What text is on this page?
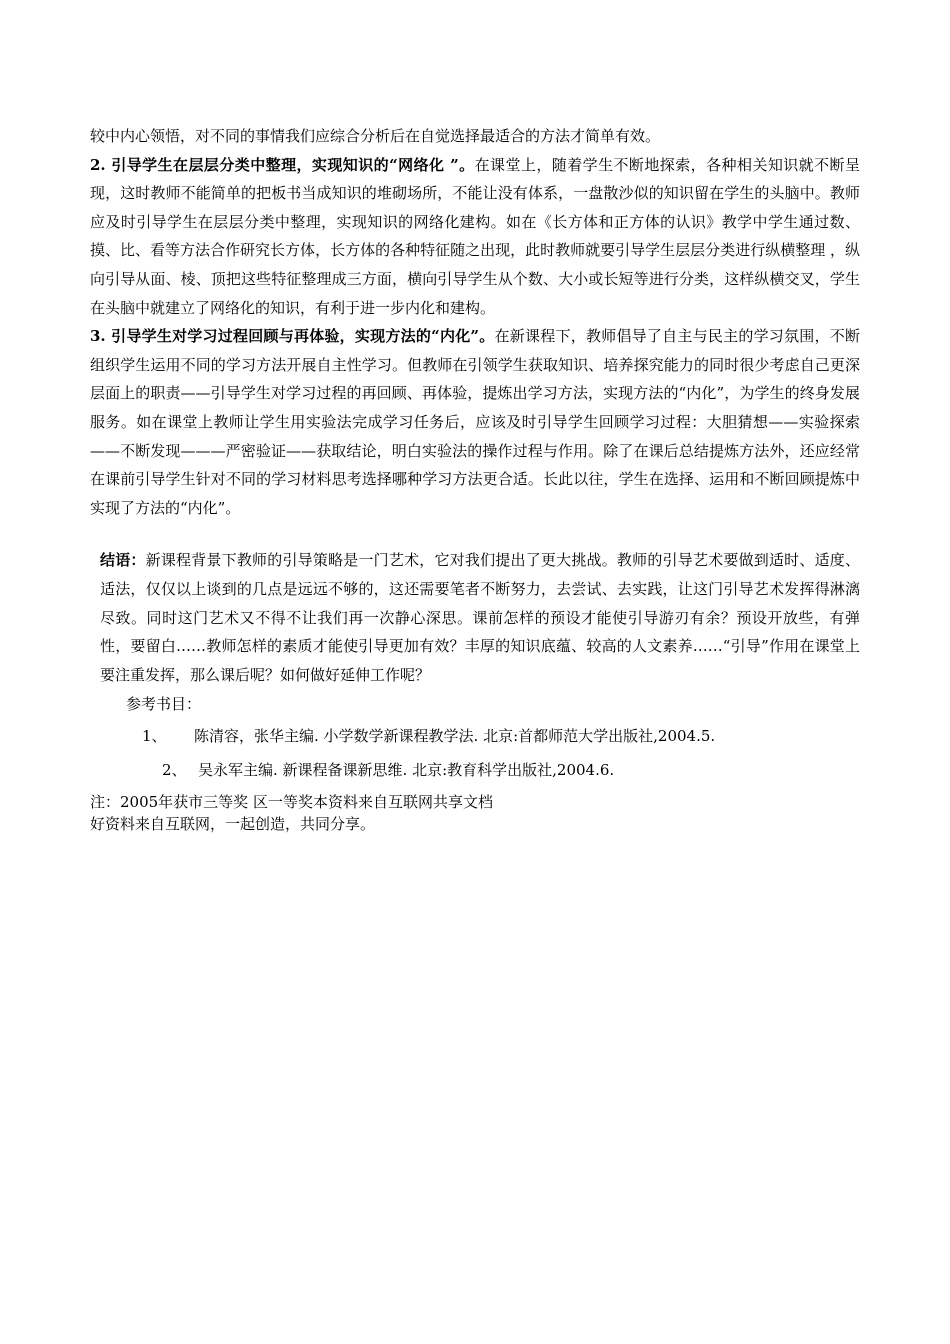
较中内心领悟，对不同的事情我们应综合分析后在自觉选择最适合的方法才简单有效。

2. 引导学生在层层分类中整理，实现知识的“网络化 ”。在课堂上，随着学生不断地探索，各种相关知识就不断呈现，这时教师不能简单的把板书当成知识的堆砌场所，不能让没有体系，一盘散沙似的知识留在学生的头脑中。教师应及时引导学生在层层分类中整理，实现知识的网络化建构。如在《长方体和正方体的认识》教学中学生通过数、摸、比、看等方法合作研究长方体，长方体的各种特征随之出现，此时教师就要引导学生层层分类进行纵横整理 ，纵向引导从面、棱、顶把这些特征整理成三方面，横向引导学生从个数、大小或长短等进行分类，这样纵横交叉，学生在头脑中就建立了网络化的知识，有利于进一步内化和建构。

3. 引导学生对学习过程回顾与再体验，实现方法的“内化”。在新课程下，教师倡导了自主与民主的学习氛围，不断组织学生运用不同的学习方法开展自主性学习。但教师在引领学生获取知识、培养探究能力的同时很少考虑自己更深层面上的职责——引导学生对学习过程的再回顾、再体验，提炼出学习方法，实现方法的“内化”，为学生的终身发展服务。如在课堂上教师让学生用实验法完成学习任务后，应该及时引导学生回顾学习过程：大胆猜想——实验探索——不断发现———严密验证——获取结论，明白实验法的操作过程与作用。除了在课后总结提炼方法外，还应经常在课前引导学生针对不同的学习材料思考选择哪种学习方法更合适。长此以往，学生在选择、运用和不断回顾提炼中实现了方法的“内化”。

结语：新课程背景下教师的引导策略是一门艺术，它对我们提出了更大挑战。教师的引导艺术要做到适时、适度、适法，仅仅以上谈到的几点是远远不够的，这还需要笔者不断努力，去尝试、去实践，让这门引导艺术发挥得淋漓尽致。同时这门艺术又不得不让我们再一次静心深思。课前怎样的预设才能使引导游刃有余？预设开放些，有弹性，要留白……教师怎样的素质才能使引导更加有效？丰厚的知识底蕴、较高的人文素养……“引导”作用在课堂上要注重发挥，那么课后呢？如何做好延伸工作呢？

参考书目：

1、 陈清容，张华主编. 小学数学新课程教学法. 北京:首都师范大学出版社,2004.5.

2、 吴永军主编. 新课程备课新思维. 北京:教育科学出版社,2004.6.

注：2005年获市三等奖 区一等奖本资料来自互联网共享文档

好资料来自互联网，一起创造，共同分享。
